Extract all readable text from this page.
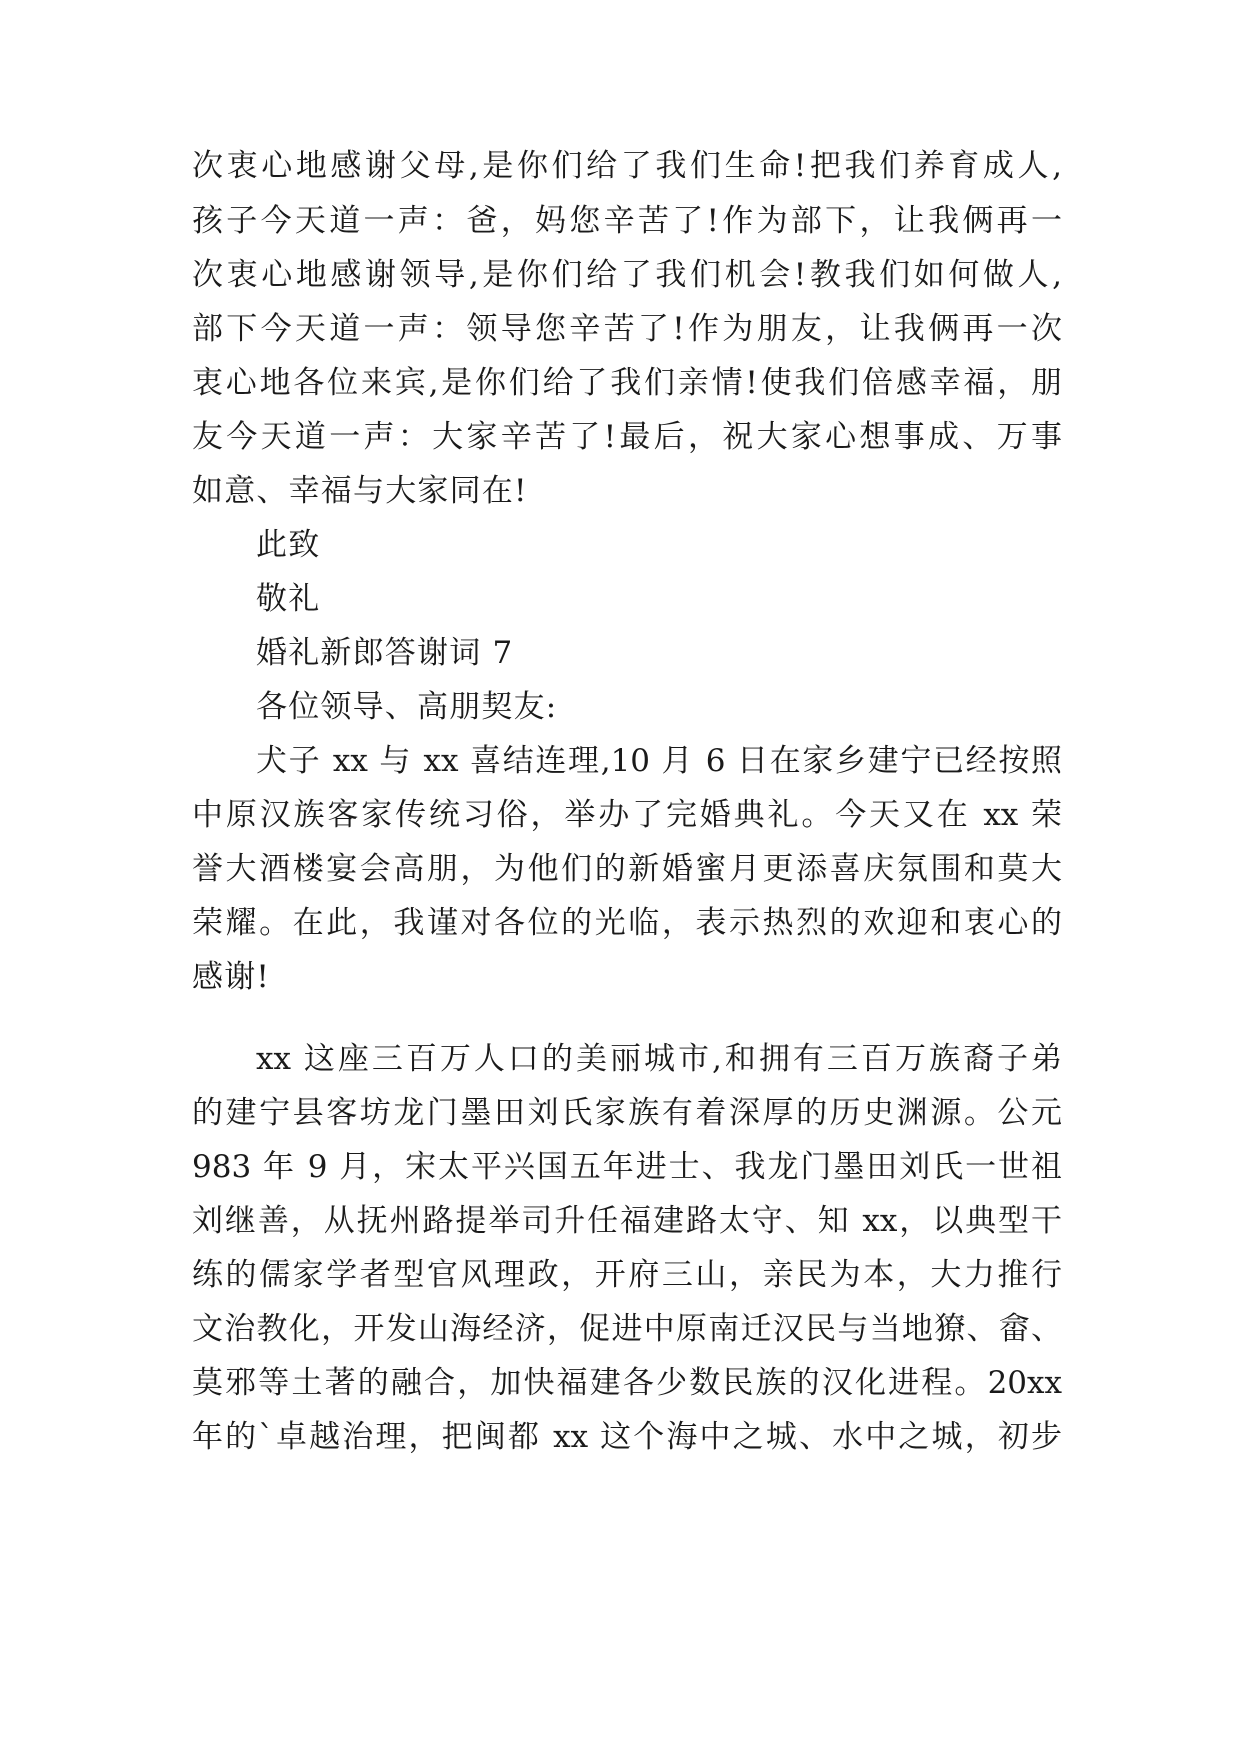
次衷心地感谢父母,是你们给了我们生命!把我们养育成人,
孩子今天道一声：爸，妈您辛苦了!作为部下，让我俩再一
次衷心地感谢领导,是你们给了我们机会!教我们如何做人,
部下今天道一声：领导您辛苦了!作为朋友，让我俩再一次
衷心地各位来宾,是你们给了我们亲情!使我们倍感幸福，朋
友今天道一声：大家辛苦了!最后，祝大家心想事成、万事
如意、幸福与大家同在!
此致
敬礼
婚礼新郎答谢词 7
各位领导、高朋契友:
犬子 xx 与 xx 喜结连理,10 月 6 日在家乡建宁已经按照
中原汉族客家传统习俗，举办了完婚典礼。今天又在 xx 荣
誉大酒楼宴会高朋，为他们的新婚蜜月更添喜庆氛围和莫大
荣耀。在此，我谨对各位的光临，表示热烈的欢迎和衷心的
感谢!
xx 这座三百万人口的美丽城市,和拥有三百万族裔子弟
的建宁县客坊龙门墨田刘氏家族有着深厚的历史渊源。公元
983 年 9 月，宋太平兴国五年进士、我龙门墨田刘氏一世祖
刘继善，从抚州路提举司升任福建路太守、知 xx，以典型干
练的儒家学者型官风理政，开府三山，亲民为本，大力推行
文治教化，开发山海经济，促进中原南迁汉民与当地獠、畲、
莫邪等土著的融合，加快福建各少数民族的汉化进程。20xx
年的`卓越治理，把闽都 xx 这个海中之城、水中之城，初步
